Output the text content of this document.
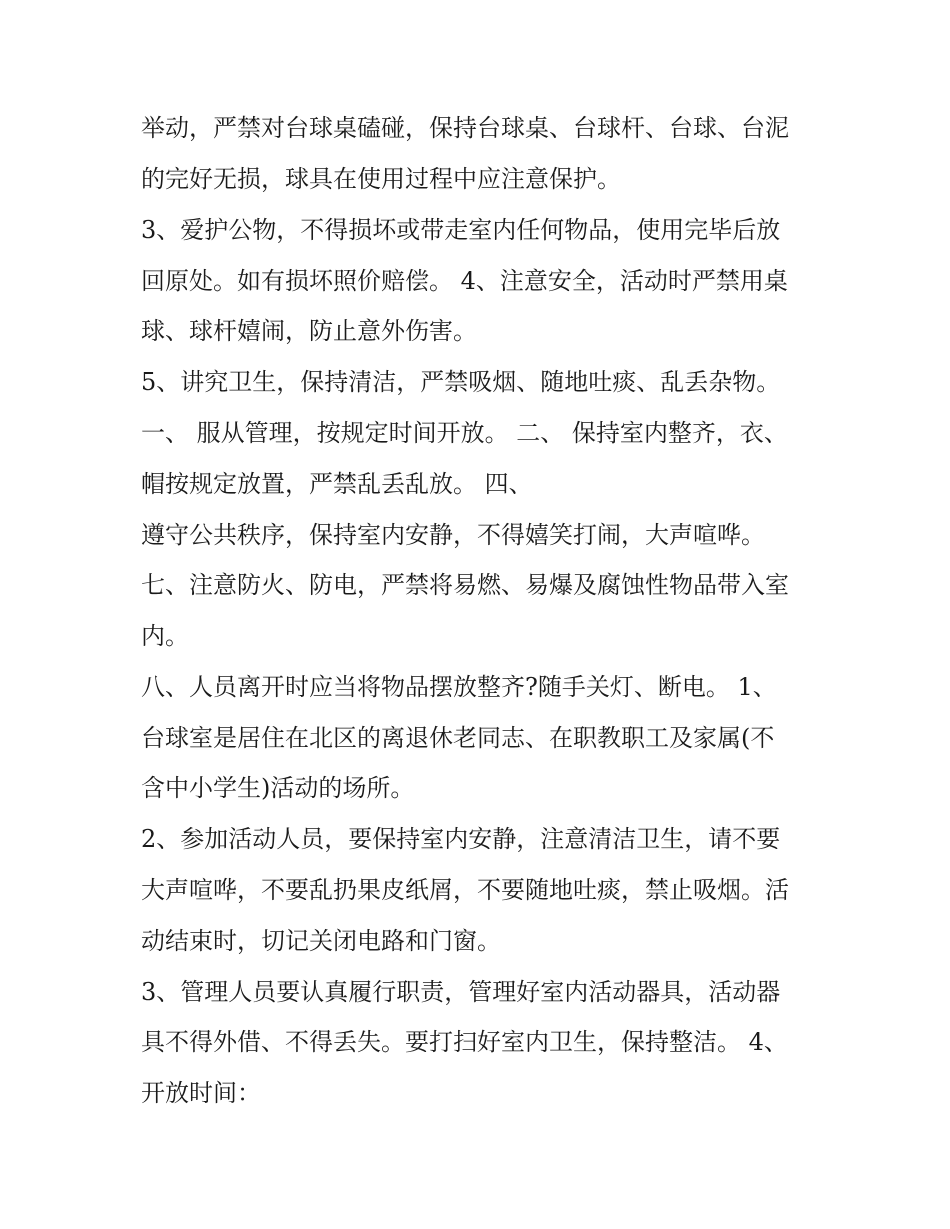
举动，严禁对台球桌磕碰，保持台球桌、台球杆、台球、台泥
的完好无损，球具在使用过程中应注意保护。
3、爱护公物，不得损坏或带走室内任何物品，使用完毕后放
回原处。如有损坏照价赔偿。 4、注意安全，活动时严禁用桌
球、球杆嬉闹，防止意外伤害。
5、讲究卫生，保持清洁，严禁吸烟、随地吐痰、乱丢杂物。
一、 服从管理，按规定时间开放。 二、 保持室内整齐，衣、
帽按规定放置，严禁乱丢乱放。 四、
遵守公共秩序，保持室内安静，不得嬉笑打闹，大声喧哗。
七、注意防火、防电，严禁将易燃、易爆及腐蚀性物品带入室
内。
八、人员离开时应当将物品摆放整齐?随手关灯、断电。 1、
台球室是居住在北区的离退休老同志、在职教职工及家属(不
含中小学生)活动的场所。
2、参加活动人员，要保持室内安静，注意清洁卫生，请不要
大声喧哗，不要乱扔果皮纸屑，不要随地吐痰，禁止吸烟。活
动结束时，切记关闭电路和门窗。
3、管理人员要认真履行职责，管理好室内活动器具，活动器
具不得外借、不得丢失。要打扫好室内卫生，保持整洁。 4、
开放时间：
